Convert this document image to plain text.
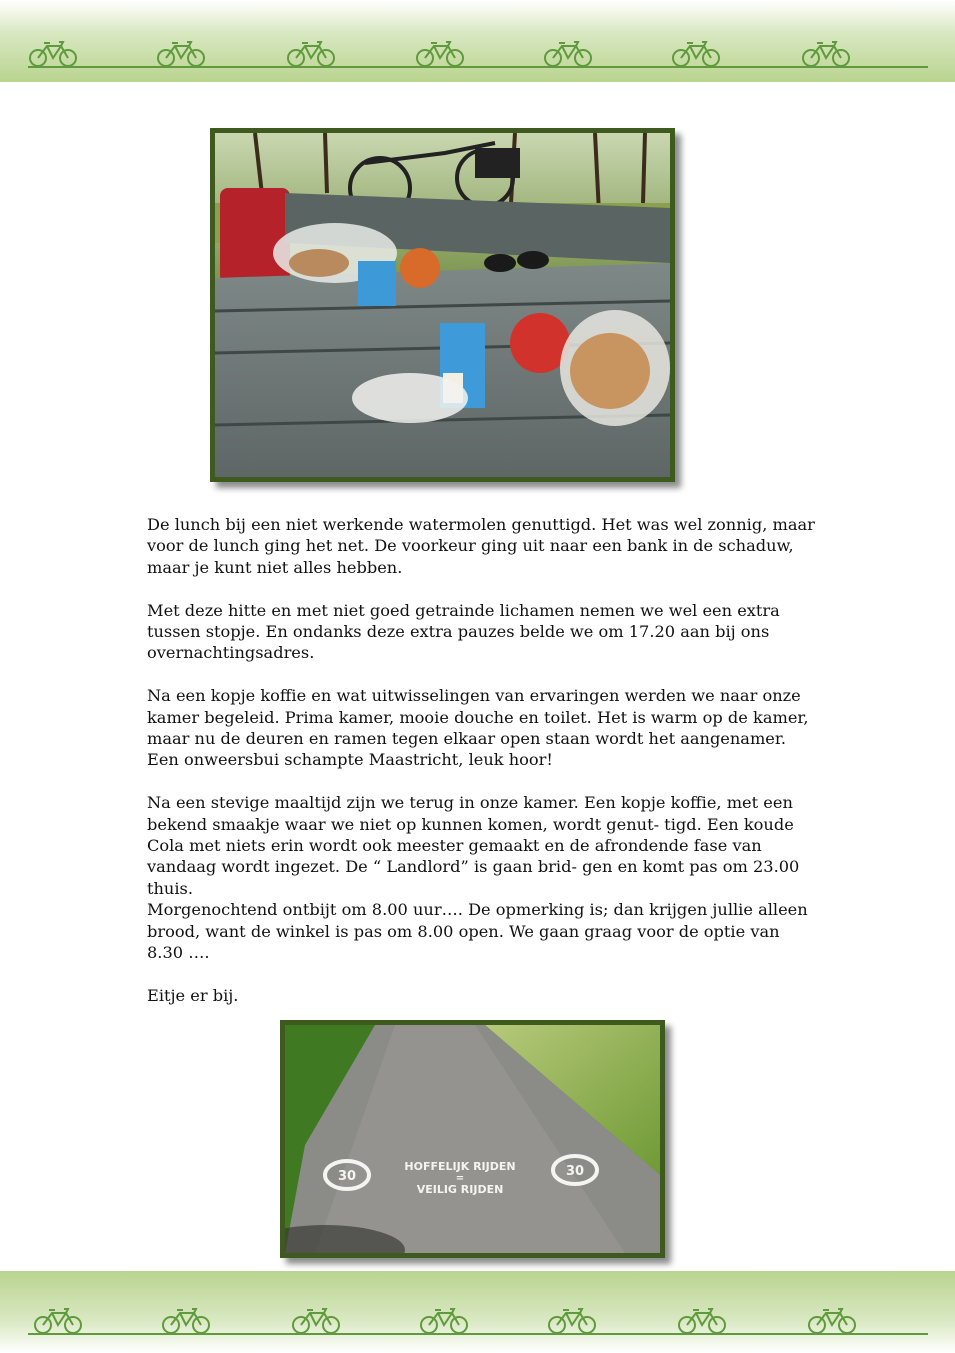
De lunch bij een niet werkende watermolen genuttigd. Het was wel zonnig, maar voor de lunch ging het net. De voorkeur ging uit naar een bank in de schaduw, maar je kunt niet alles hebben.

Met deze hitte en met niet goed getrainde lichamen nemen we wel een extra tussen stopje. En ondanks deze extra pauzes belde we om 17.20 aan bij ons overnachtingsadres.

Na een kopje koffie en wat uitwisselingen van ervaringen werden we naar onze kamer begeleid. Prima kamer, mooie douche en toilet. Het is warm op de kamer, maar nu de deuren en ramen tegen elkaar open staan wordt het aangenamer. Een onweersbui schampte Maastricht, leuk hoor!

Na een stevige maaltijd zijn we terug in onze kamer. Een kopje koffie, met een bekend smaakje waar we niet op kunnen komen, wordt genut- tigd. Een koude Cola met niets erin wordt ook meester gemaakt en de afrondende fase van vandaag wordt ingezet. De “ Landlord” is gaan brid- gen en komt pas om 23.00 thuis.

Morgenochtend ontbijt om 8.00 uur…. De opmerking is; dan krijgen jullie alleen brood, want de winkel is pas om 8.00 open. We gaan graag voor de optie van 8.30 ….

Eitje er bij.

30	30
HOFFELIJK RIJDEN
=
VEILIG RIJDEN
